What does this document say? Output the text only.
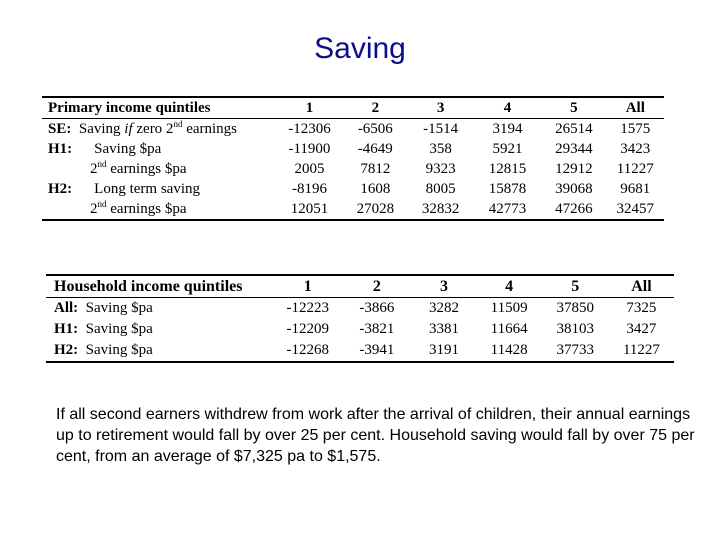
Saving
Primary income quintiles	1	2	3	4	5	All
SE: Saving if zero 2nd earnings	-12306	-6506	-1514	3194	26514	1575
H1: Saving $pa	-11900	-4649	358	5921	29344	3423
2nd earnings $pa	2005	7812	9323	12815	12912	11227
H2: Long term saving	-8196	1608	8005	15878	39068	9681
2nd earnings $pa	12051	27028	32832	42773	47266	32457
Household income quintiles	1	2	3	4	5	All
All: Saving $pa	-12223	-3866	3282	11509	37850	7325
H1: Saving $pa	-12209	-3821	3381	11664	38103	3427
H2: Saving $pa	-12268	-3941	3191	11428	37733	11227
If all second earners withdrew from work after the arrival of children, their annual earnings up to retirement would fall by over 25 per cent. Household saving would fall by over 75 per cent, from an average of $7,325 pa to $1,575.
